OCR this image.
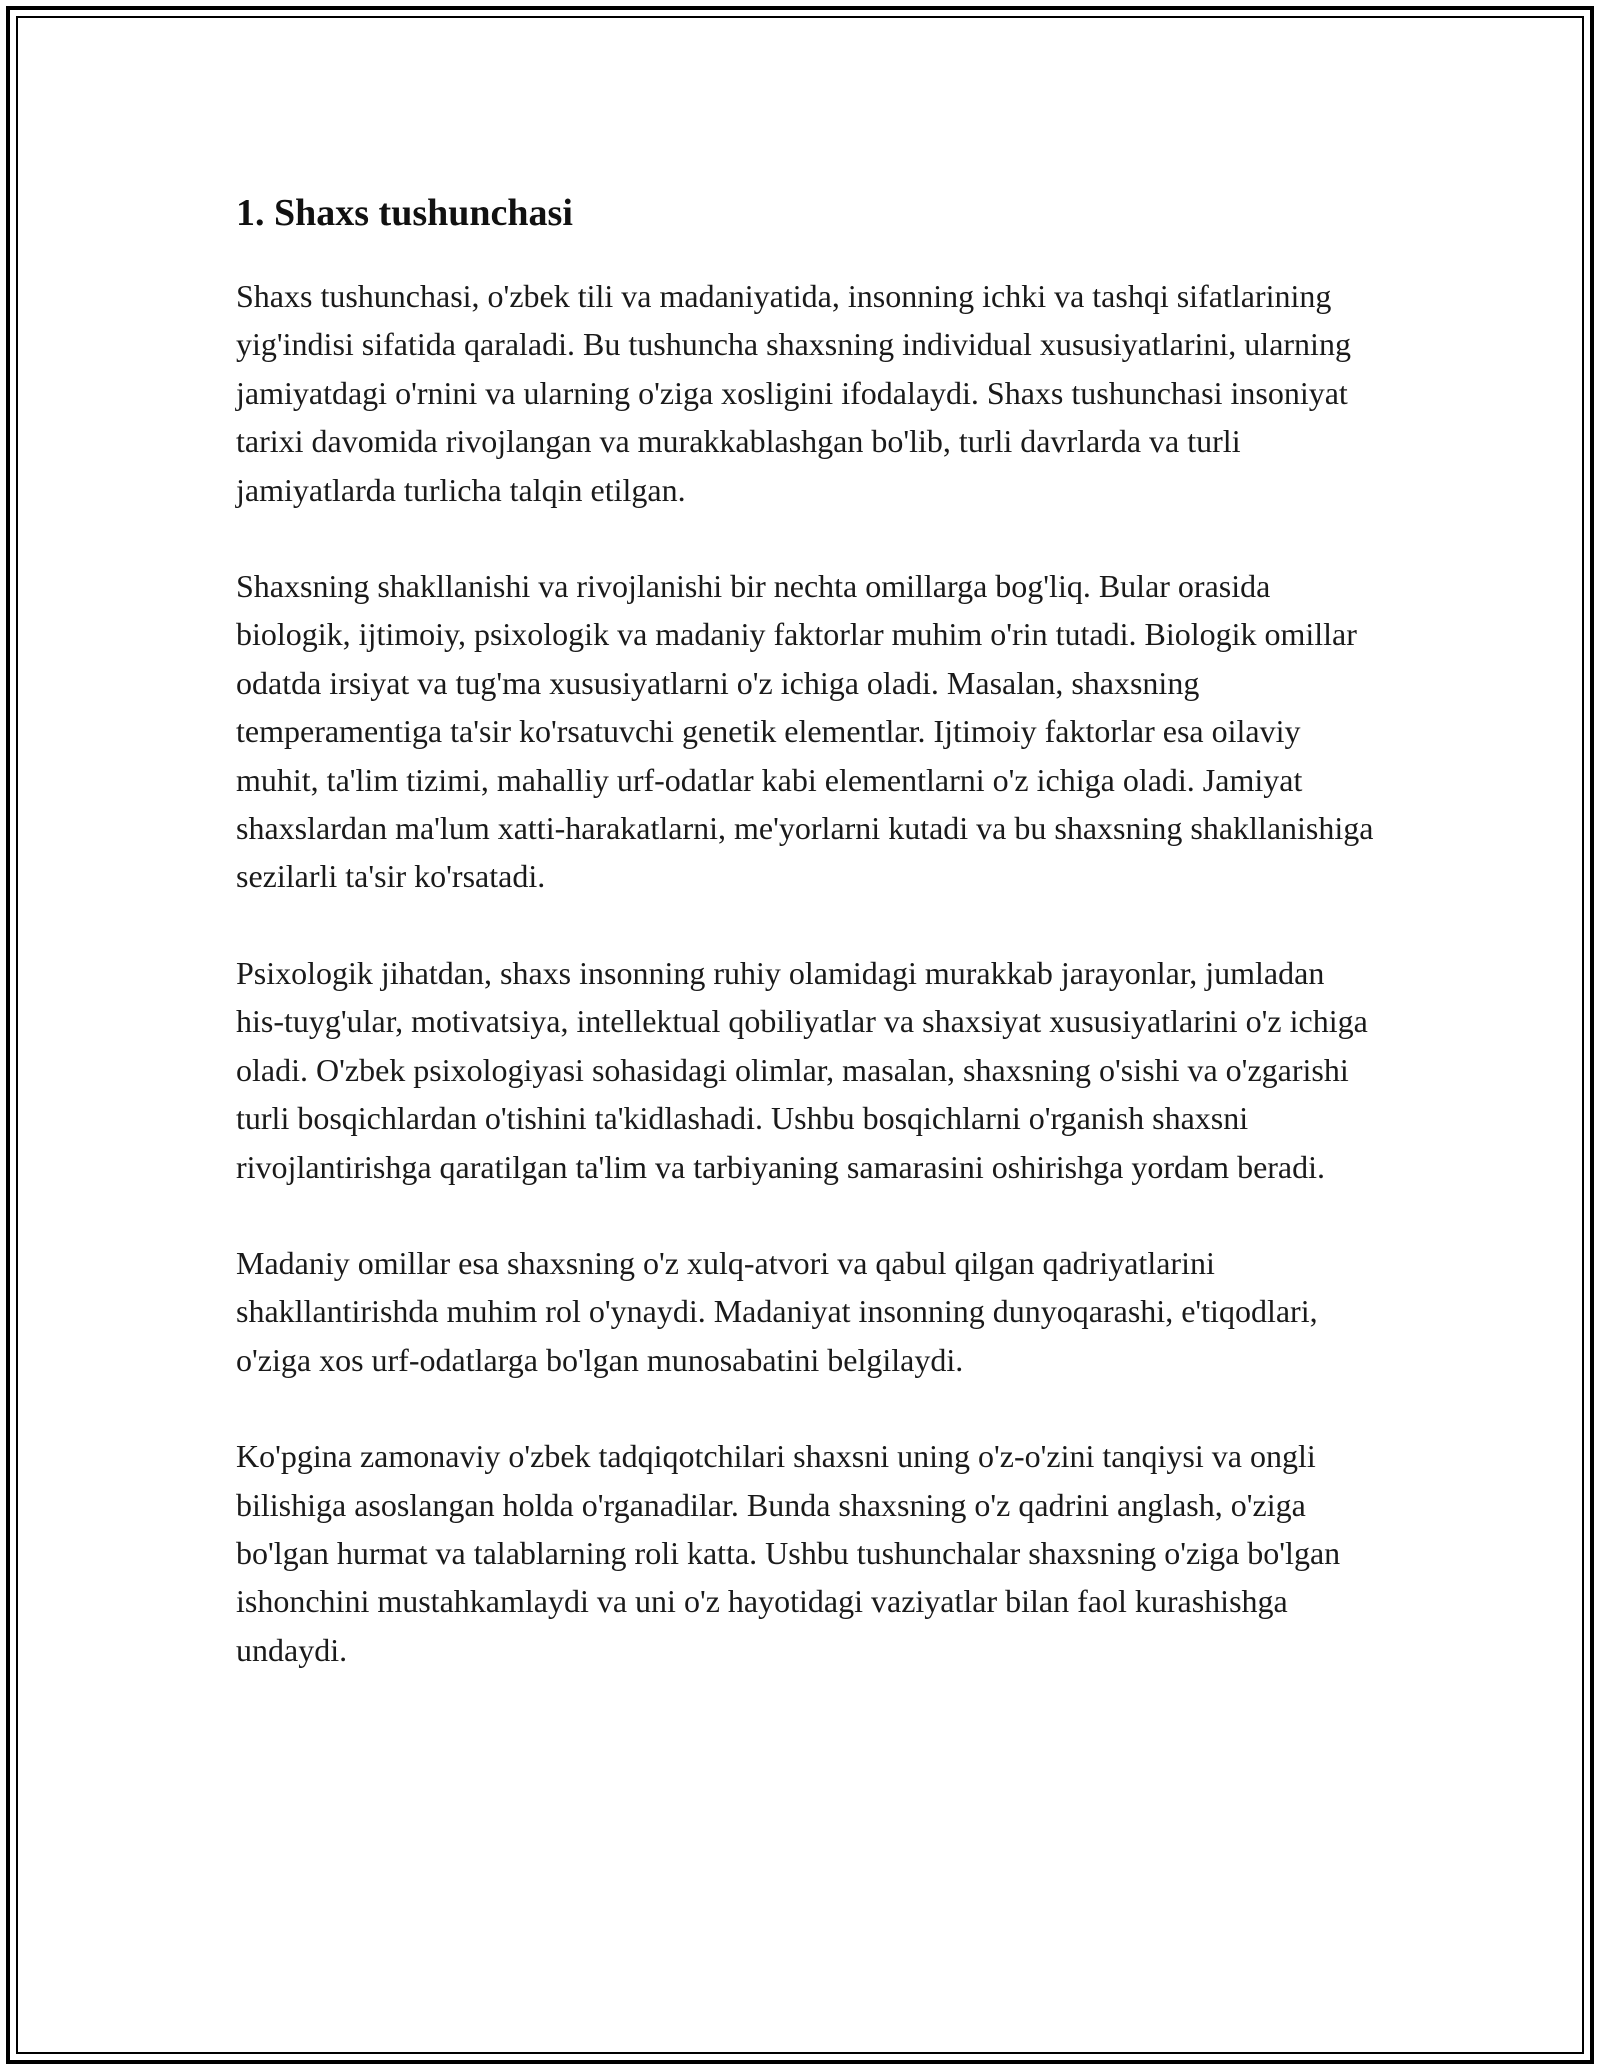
1. Shaxs tushunchasi

Shaxs tushunchasi, o'zbek tili va madaniyatida, insonning ichki va tashqi sifatlarining yig'indisi sifatida qaraladi. Bu tushuncha shaxsning individual xususiyatlarini, ularning jamiyatdagi o'rnini va ularning o'ziga xosligini ifodalaydi. Shaxs tushunchasi insoniyat tarixi davomida rivojlangan va murakkablashgan bo'lib, turli davrlarda va turli jamiyatlarda turlicha talqin etilgan.

Shaxsning shakllanishi va rivojlanishi bir nechta omillarga bog'liq. Bular orasida biologik, ijtimoiy, psixologik va madaniy faktorlar muhim o'rin tutadi. Biologik omillar odatda irsiyat va tug'ma xususiyatlarni o'z ichiga oladi. Masalan, shaxsning temperamentiga ta'sir ko'rsatuvchi genetik elementlar. Ijtimoiy faktorlar esa oilaviy muhit, ta'lim tizimi, mahalliy urf-odatlar kabi elementlarni o'z ichiga oladi. Jamiyat shaxslardan ma'lum xatti-harakatlarni, me'yorlarni kutadi va bu shaxsning shakllanishiga sezilarli ta'sir ko'rsatadi.

Psixologik jihatdan, shaxs insonning ruhiy olamidagi murakkab jarayonlar, jumladan his-tuyg'ular, motivatsiya, intellektual qobiliyatlar va shaxsiyat xususiyatlarini o'z ichiga oladi. O'zbek psixologiyasi sohasidagi olimlar, masalan, shaxsning o'sishi va o'zgarishi turli bosqichlardan o'tishini ta'kidlashadi. Ushbu bosqichlarni o'rganish shaxsni rivojlantirishga qaratilgan ta'lim va tarbiyaning samarasini oshirishga yordam beradi.

Madaniy omillar esa shaxsning o'z xulq-atvori va qabul qilgan qadriyatlarini shakllantirishda muhim rol o'ynaydi. Madaniyat insonning dunyoqarashi, e'tiqodlari, o'ziga xos urf-odatlarga bo'lgan munosabatini belgilaydi.

Ko'pgina zamonaviy o'zbek tadqiqotchilari shaxsni uning o'z-o'zini tanqiysi va ongli bilishiga asoslangan holda o'rganadilar. Bunda shaxsning o'z qadrini anglash, o'ziga bo'lgan hurmat va talablarning roli katta. Ushbu tushunchalar shaxsning o'ziga bo'lgan ishonchini mustahkamlaydi va uni o'z hayotidagi vaziyatlar bilan faol kurashishga undaydi.
